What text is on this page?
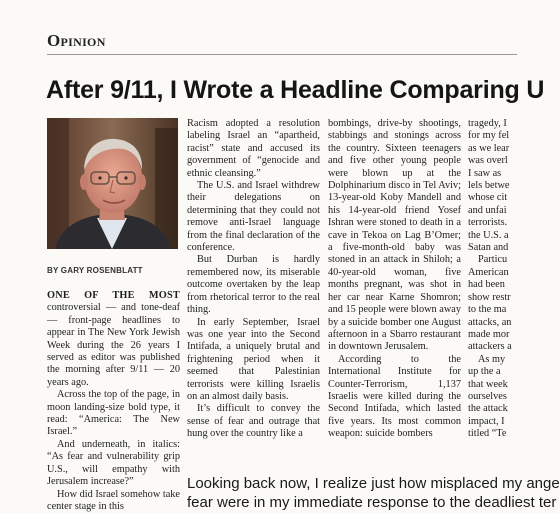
Opinion
After 9/11, I Wrote a Headline Comparing U
BY GARY ROSENBLATT

ONE OF THE MOST controversial — and tone-deaf — front-page headlines to appear in The New York Jewish Week during the 26 years I served as editor was published the morning after 9/11 — 20 years ago.

Across the top of the page, in moon landing-size bold type, it read: “America: The New Israel.”

And underneath, in italics: “As fear and vulnerability grip U.S., will empathy with Jerusalem increase?”

How did Israel somehow take center stage in this

Racism adopted a resolution labeling Israel an “apartheid, racist” state and accused its government of “genocide and ethnic cleansing.”

The U.S. and Israel withdrew their delegations on determining that they could not remove anti-Israel language from the final declaration of the conference.

But Durban is hardly remembered now, its miserable outcome overtaken by the leap from rhetorical terror to the real thing.

In early September, Israel was one year into the Second Intifada, a uniquely brutal and frightening period when it seemed that Palestinian terrorists were killing Israelis on an almost daily basis.

It’s difficult to convey the sense of fear and outrage that hung over the country like a

bombings, drive-by shootings, stabbings and stonings across the country. Sixteen teenagers and five other young people were blown up at the Dolphinarium disco in Tel Aviv; 13-year-old Koby Mandell and his 14-year-old friend Yosef Ishran were stoned to death in a cave in Tekoa on Lag B’Omer; a five-month-old baby was stoned in an attack in Shiloh; a 40-year-old woman, five months pregnant, was shot in her car near Karne Shomron; and 15 people were blown away by a suicide bomber one August afternoon in a Sbarro restaurant in downtown Jerusalem.

According to the International Institute for Counter-Terrorism, 1,137 Israelis were killed during the Second Intifada, which lasted five years. Its most common weapon: suicide bombers

tragedy, I

for my fel

as we lear

was overl

I saw as

lels betwe

whose cit

and unfai

terrorists.

the U.S. a

Satan and

Particu

American

had been

show restr

to the ma

attacks, an

made mor

attackers a

As my

up the a

that week

ourselves

the attack

impact, I

titled “Te

Looking back now, I realize just how misplaced my ange
fear were in my immediate response to the deadliest ter
